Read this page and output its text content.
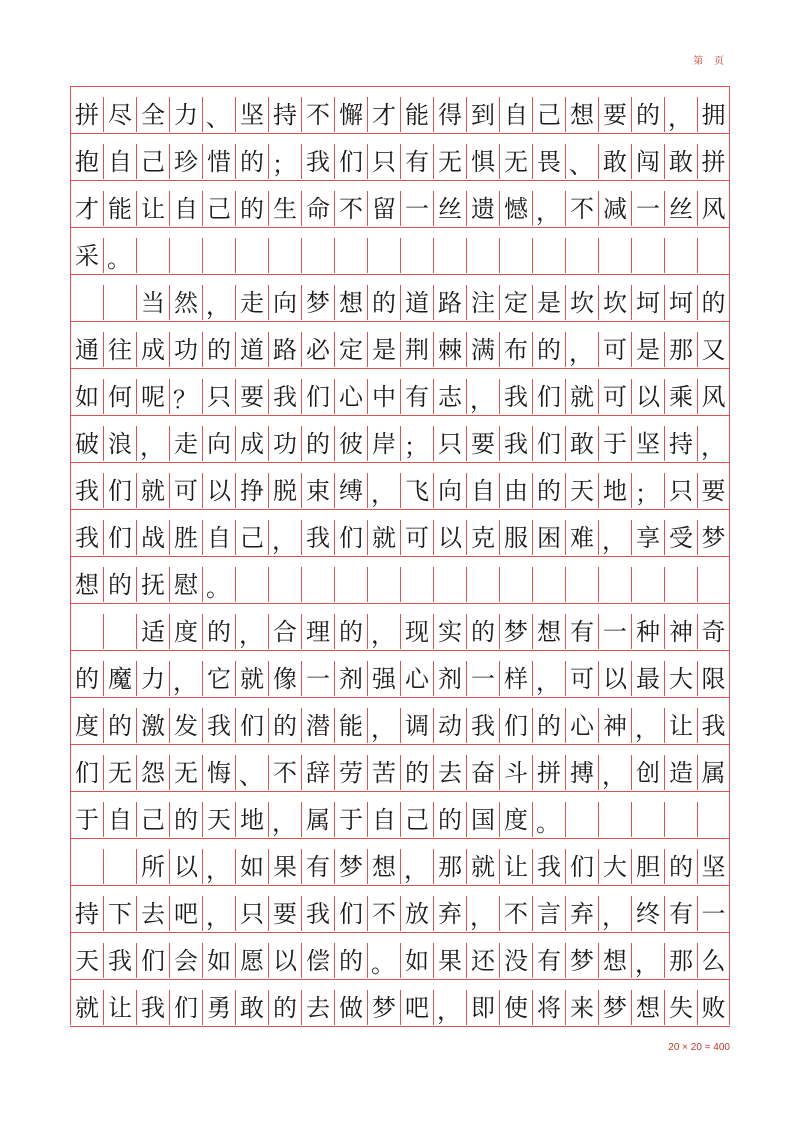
第 页
拼 尽 全 力 、 坚 持 不 懈 才 能 得 到 自 己 想 要 的 ， 拥
抱 自 己 珍 惜 的 ； 我 们 只 有 无 惧 无 畏 、 敢 闯 敢 拼
才 能 让 自 己 的 生 命 不 留 一 丝 遗 憾 ， 不 减 一 丝 风
采 。
当 然 ， 走 向 梦 想 的 道 路 注 定 是 坎 坎 坷 坷 的
通 往 成 功 的 道 路 必 定 是 荆 棘 满 布 的 ， 可 是 那 又
如 何 呢 ？ 只 要 我 们 心 中 有 志 ， 我 们 就 可 以 乘 风
破 浪 ， 走 向 成 功 的 彼 岸 ； 只 要 我 们 敢 于 坚 持 ，
我 们 就 可 以 挣 脱 束 缚 ， 飞 向 自 由 的 天 地 ； 只 要
我 们 战 胜 自 己 ， 我 们 就 可 以 克 服 困 难 ， 享 受 梦
想 的 抚 慰 。
适 度 的 ， 合 理 的 ， 现 实 的 梦 想 有 一 种 神 奇
的 魔 力 ， 它 就 像 一 剂 强 心 剂 一 样 ， 可 以 最 大 限
度 的 激 发 我 们 的 潜 能 ， 调 动 我 们 的 心 神 ， 让 我
们 无 怨 无 悔 、 不 辞 劳 苦 的 去 奋 斗 拼 搏 ， 创 造 属
于 自 己 的 天 地 ， 属 于 自 己 的 国 度 。
所 以 ， 如 果 有 梦 想 ， 那 就 让 我 们 大 胆 的 坚
持 下 去 吧 ， 只 要 我 们 不 放 弃 ， 不 言 弃 ， 终 有 一
天 我 们 会 如 愿 以 偿 的 。 如 果 还 没 有 梦 想 ， 那 么
就 让 我 们 勇 敢 的 去 做 梦 吧 ， 即 使 将 来 梦 想 失 败
20 × 20 = 400
